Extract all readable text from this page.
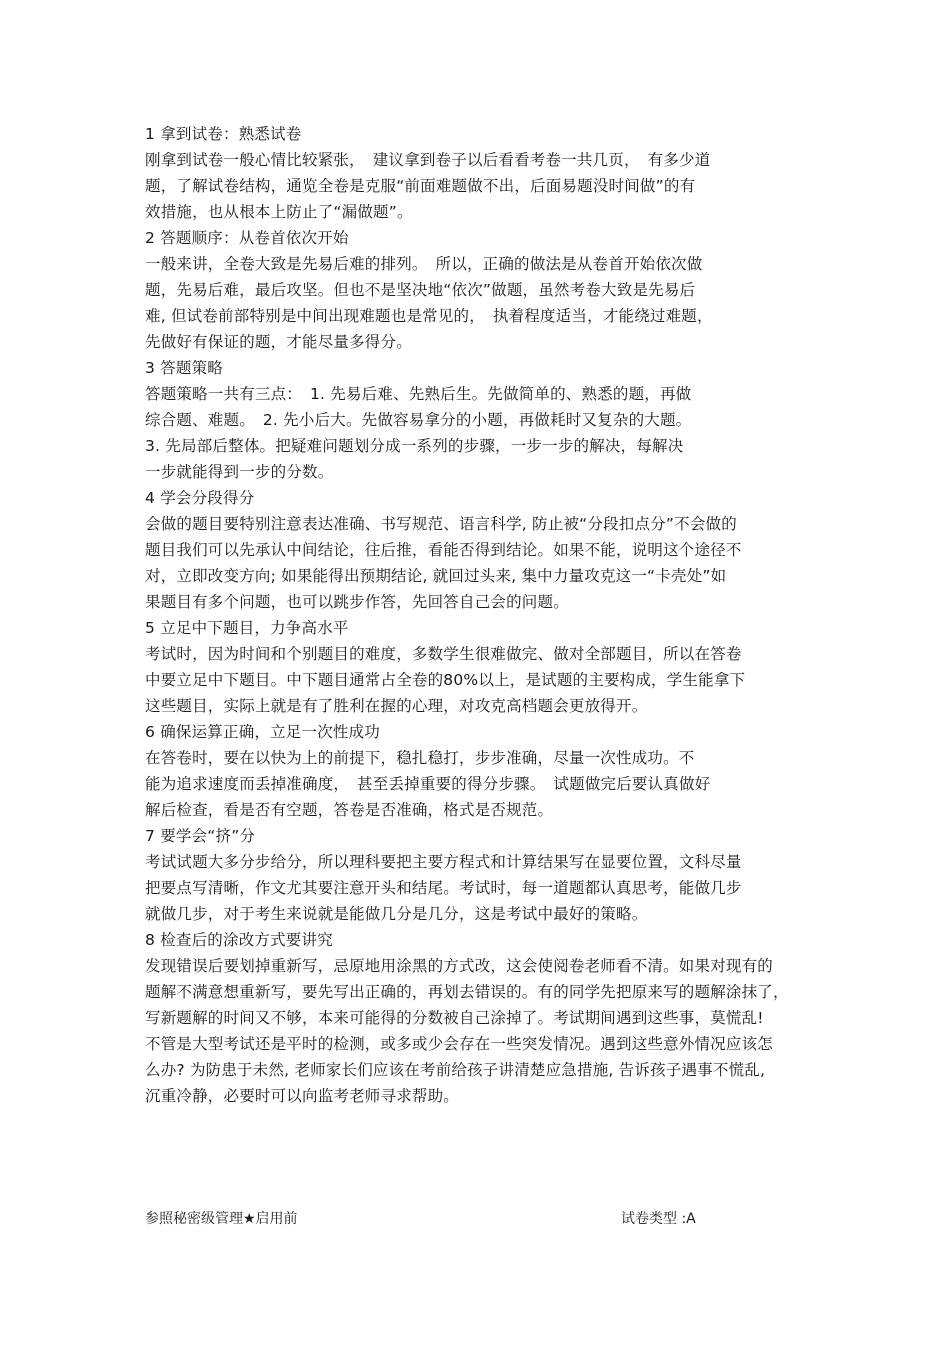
1 拿到试卷：熟悉试卷
刚拿到试卷一般心情比较紧张，　建议拿到卷子以后看看考卷一共几页，　有多少道
题，了解试卷结构，通览全卷是克服“前面难题做不出，后面易题没时间做”的有
效措施，也从根本上防止了“漏做题”。
2 答题顺序：从卷首依次开始
一般来讲，全卷大致是先易后难的排列。　所以，正确的做法是从卷首开始依次做
题，先易后难，最后攻坚。但也不是坚决地“依次”做题，虽然考卷大致是先易后
难, 但试卷前部特别是中间出现难题也是常见的，　执着程度适当，才能绕过难题，
先做好有保证的题，才能尽量多得分。
3 答题策略
答题策略一共有三点：　1. 先易后难、先熟后生。先做简单的、熟悉的题，再做
综合题、难题。　2. 先小后大。先做容易拿分的小题，再做耗时又复杂的大题。
3. 先局部后整体。把疑难问题划分成一系列的步骤，一步一步的解决，每解决
一步就能得到一步的分数。
4 学会分段得分
会做的题目要特别注意表达准确、书写规范、语言科学, 防止被“分段扣点分”不会做的
题目我们可以先承认中间结论，往后推，看能否得到结论。如果不能，说明这个途径不
对，立即改变方向; 如果能得出预期结论, 就回过头来, 集中力量攻克这一“卡壳处”如
果题目有多个问题，也可以跳步作答，先回答自己会的问题。
5 立足中下题目，力争高水平
考试时，因为时间和个别题目的难度，多数学生很难做完、做对全部题目，所以在答卷
中要立足中下题目。中下题目通常占全卷的80%以上，是试题的主要构成，学生能拿下
这些题目，实际上就是有了胜利在握的心理，对攻克高档题会更放得开。
6 确保运算正确，立足一次性成功
在答卷时，要在以快为上的前提下，稳扎稳打，步步准确，尽量一次性成功。不
能为追求速度而丢掉准确度，　甚至丢掉重要的得分步骤。　试题做完后要认真做好
解后检查，看是否有空题，答卷是否准确，格式是否规范。
7 要学会“挤”分
考试试题大多分步给分，所以理科要把主要方程式和计算结果写在显要位置，文科尽量
把要点写清晰，作文尤其要注意开头和结尾。考试时，每一道题都认真思考，能做几步
就做几步，对于考生来说就是能做几分是几分，这是考试中最好的策略。
8 检查后的涂改方式要讲究
发现错误后要划掉重新写，忌原地用涂黑的方式改，这会使阅卷老师看不清。如果对现有的
题解不满意想重新写，要先写出正确的，再划去错误的。有的同学先把原来写的题解涂抹了，
写新题解的时间又不够，本来可能得的分数被自己涂掉了。考试期间遇到这些事，莫慌乱!
不管是大型考试还是平时的检测，或多或少会存在一些突发情况。遇到这些意外情况应该怎
么办? 为防患于未然, 老师家长们应该在考前给孩子讲清楚应急措施, 告诉孩子遇事不慌乱,
沉重冷静，必要时可以向监考老师寻求帮助。
参照秘密级管理★启用前	试卷类型 :A
